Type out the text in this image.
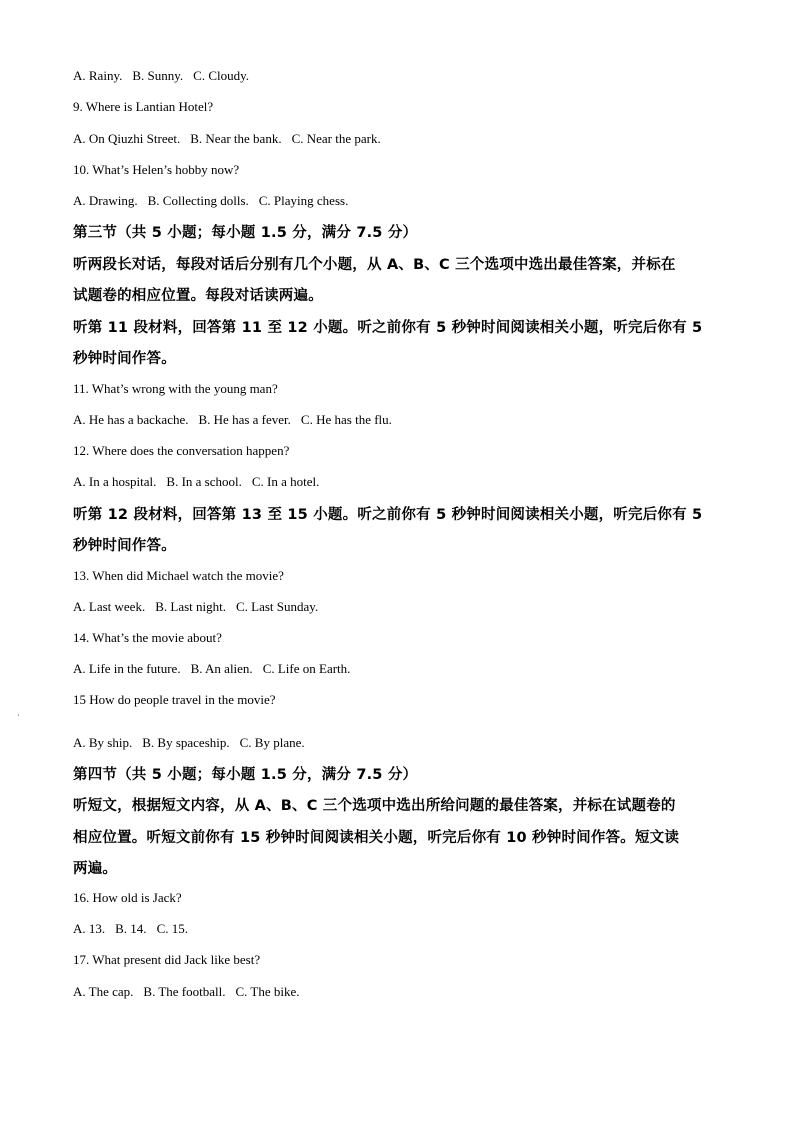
A. Rainy. B. Sunny. C. Cloudy.
9. Where is Lantian Hotel?
A. On Qiuzhi Street. B. Near the bank. C. Near the park.
10. What’s Helen’s hobby now?
A. Drawing. B. Collecting dolls. C. Playing chess.
第三节（共 5 小题；每小题 1.5 分，满分 7.5 分）
听两段长对话，每段对话后分别有几个小题，从 A、B、C 三个选项中选出最佳答案，并标在
试题卷的相应位置。每段对话读两遍。
听第 11 段材料，回答第 11 至 12 小题。听之前你有 5 秒钟时间阅读相关小题，听完后你有 5
秒钟时间作答。
11. What’s wrong with the young man?
A. He has a backache. B. He has a fever. C. He has the flu.
12. Where does the conversation happen?
A. In a hospital. B. In a school. C. In a hotel.
听第 12 段材料，回答第 13 至 15 小题。听之前你有 5 秒钟时间阅读相关小题，听完后你有 5
秒钟时间作答。
13. When did Michael watch the movie?
A. Last week. B. Last night. C. Last Sunday.
14. What’s the movie about?
A. Life in the future. B. An alien. C. Life on Earth.
15 How do people travel in the movie?
A. By ship. B. By spaceship. C. By plane.
第四节（共 5 小题；每小题 1.5 分，满分 7.5 分）
听短文，根据短文内容，从 A、B、C 三个选项中选出所给问题的最佳答案，并标在试题卷的
相应位置。听短文前你有 15 秒钟时间阅读相关小题，听完后你有 10 秒钟时间作答。短文读
两遍。
16. How old is Jack?
A. 13. B. 14. C. 15.
17. What present did Jack like best?
A. The cap. B. The football. C. The bike.
·
